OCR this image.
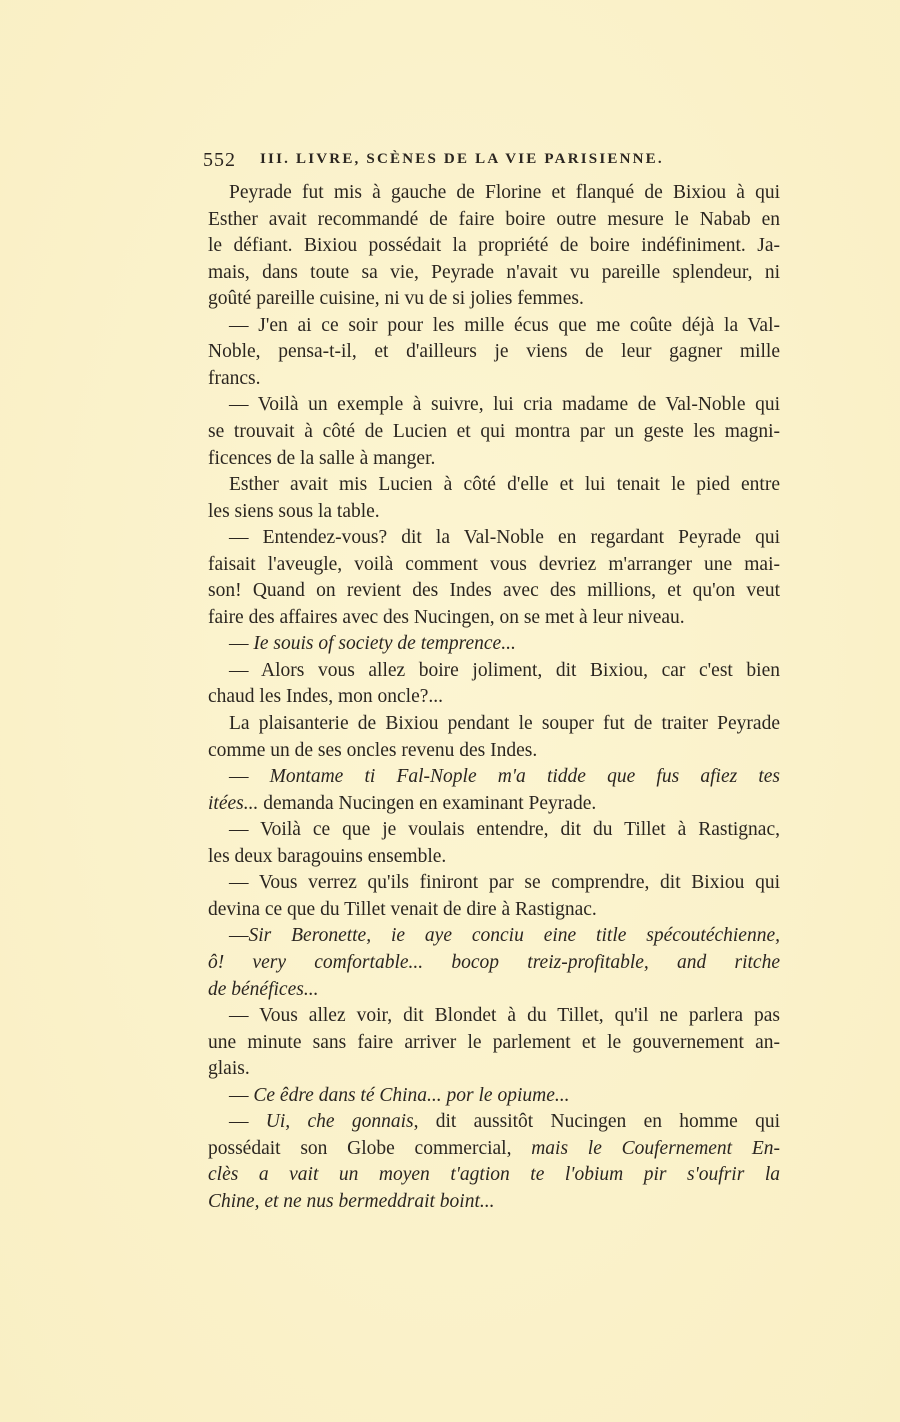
552 III. LIVRE, SCÈNES DE LA VIE PARISIENNE.
Peyrade fut mis à gauche de Florine et flanqué de Bixiou à qui
Esther avait recommandé de faire boire outre mesure le Nabab en
le défiant. Bixiou possédait la propriété de boire indéfiniment. Ja-
mais, dans toute sa vie, Peyrade n'avait vu pareille splendeur, ni
goûté pareille cuisine, ni vu de si jolies femmes.
— J'en ai ce soir pour les mille écus que me coûte déjà la Val-
Noble, pensa-t-il, et d'ailleurs je viens de leur gagner mille
francs.
— Voilà un exemple à suivre, lui cria madame de Val-Noble qui
se trouvait à côté de Lucien et qui montra par un geste les magni-
ficences de la salle à manger.
Esther avait mis Lucien à côté d'elle et lui tenait le pied entre
les siens sous la table.
— Entendez-vous? dit la Val-Noble en regardant Peyrade qui
faisait l'aveugle, voilà comment vous devriez m'arranger une mai-
son! Quand on revient des Indes avec des millions, et qu'on veut
faire des affaires avec des Nucingen, on se met à leur niveau.
— Ie souis of society de temprence...
— Alors vous allez boire joliment, dit Bixiou, car c'est bien
chaud les Indes, mon oncle?...
La plaisanterie de Bixiou pendant le souper fut de traiter Peyrade
comme un de ses oncles revenu des Indes.
— Montame ti Fal-Nople m'a tidde que fus afiez tes
itées... demanda Nucingen en examinant Peyrade.
— Voilà ce que je voulais entendre, dit du Tillet à Rastignac,
les deux baragouins ensemble.
— Vous verrez qu'ils finiront par se comprendre, dit Bixiou qui
devina ce que du Tillet venait de dire à Rastignac.
—Sir Beronette, ie aye conciu eine title spécoutéchienne,
ô! very comfortable... bocop treiz-profitable, and ritche
de bénéfices...
— Vous allez voir, dit Blondet à du Tillet, qu'il ne parlera pas
une minute sans faire arriver le parlement et le gouvernement an-
glais.
— Ce êdre dans té China... por le opiume...
— Ui, che gonnais, dit aussitôt Nucingen en homme qui
possédait son Globe commercial, mais le Coufernement En-
clès a vait un moyen t'agtion te l'obium pir s'oufrir la
Chine, et ne nus bermeddrait boint...
